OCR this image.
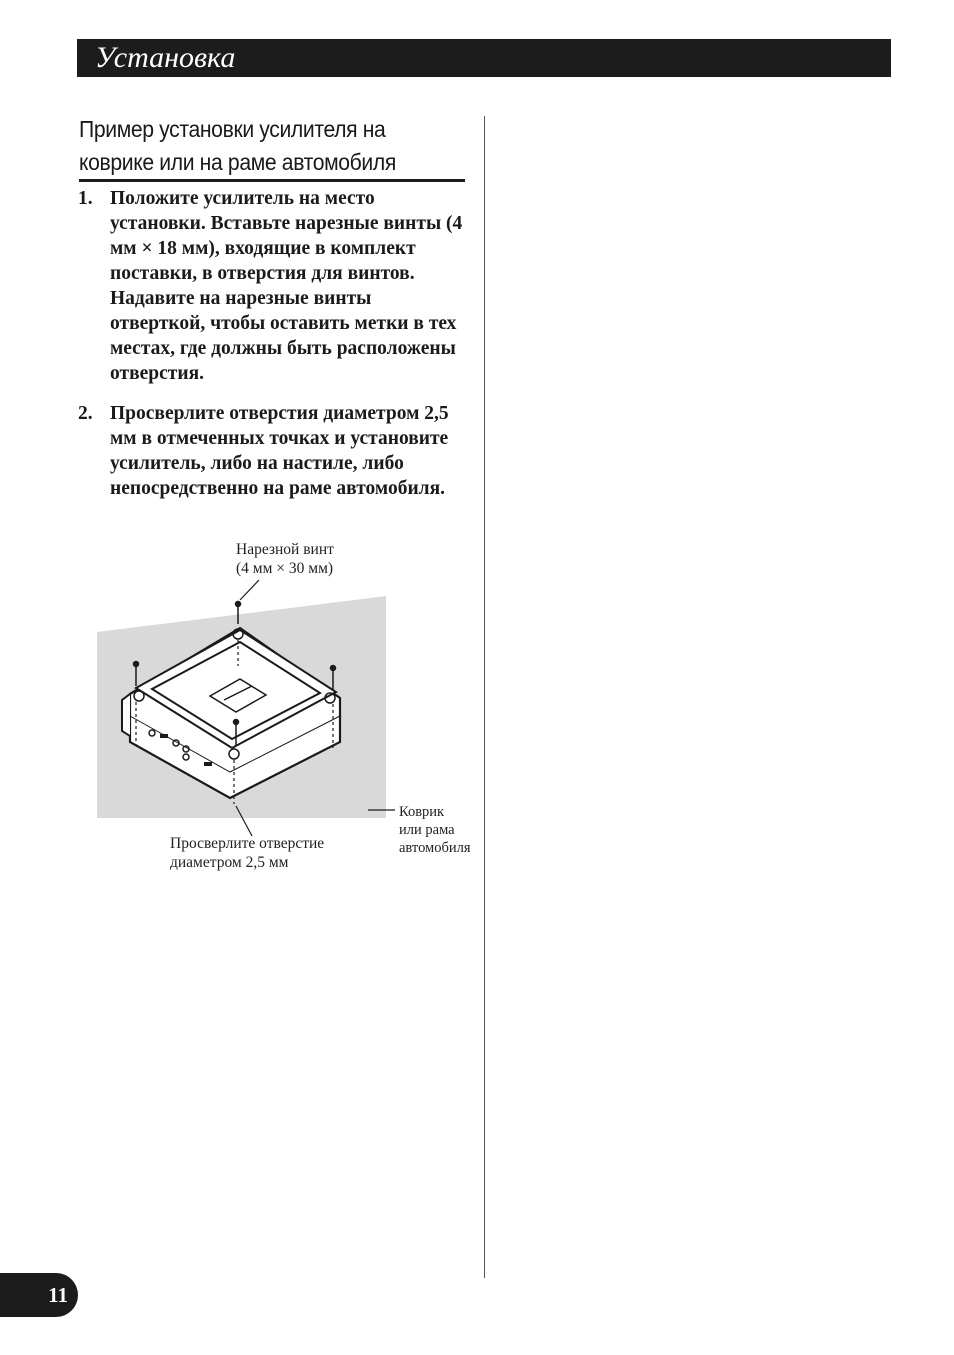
Установка
Пример установки усилителя на коврике или на раме автомобиля
1. Положите усилитель на место установки. Вставьте нарезные винты (4 мм × 18 мм), входящие в комплект поставки, в отверстия для винтов. Надавите на нарезные винты отверткой, чтобы оставить метки в тех местах, где должны быть расположены отверстия.
2. Просверлите отверстия диаметром 2,5 мм в отмеченных точках и установите усилитель, либо на настиле, либо непосредственно на раме автомобиля.
Нарезной винт
(4 мм × 30 мм)
Просверлите отверстие
диаметром 2,5 мм
Коврик
или рама
автомобиля
11
